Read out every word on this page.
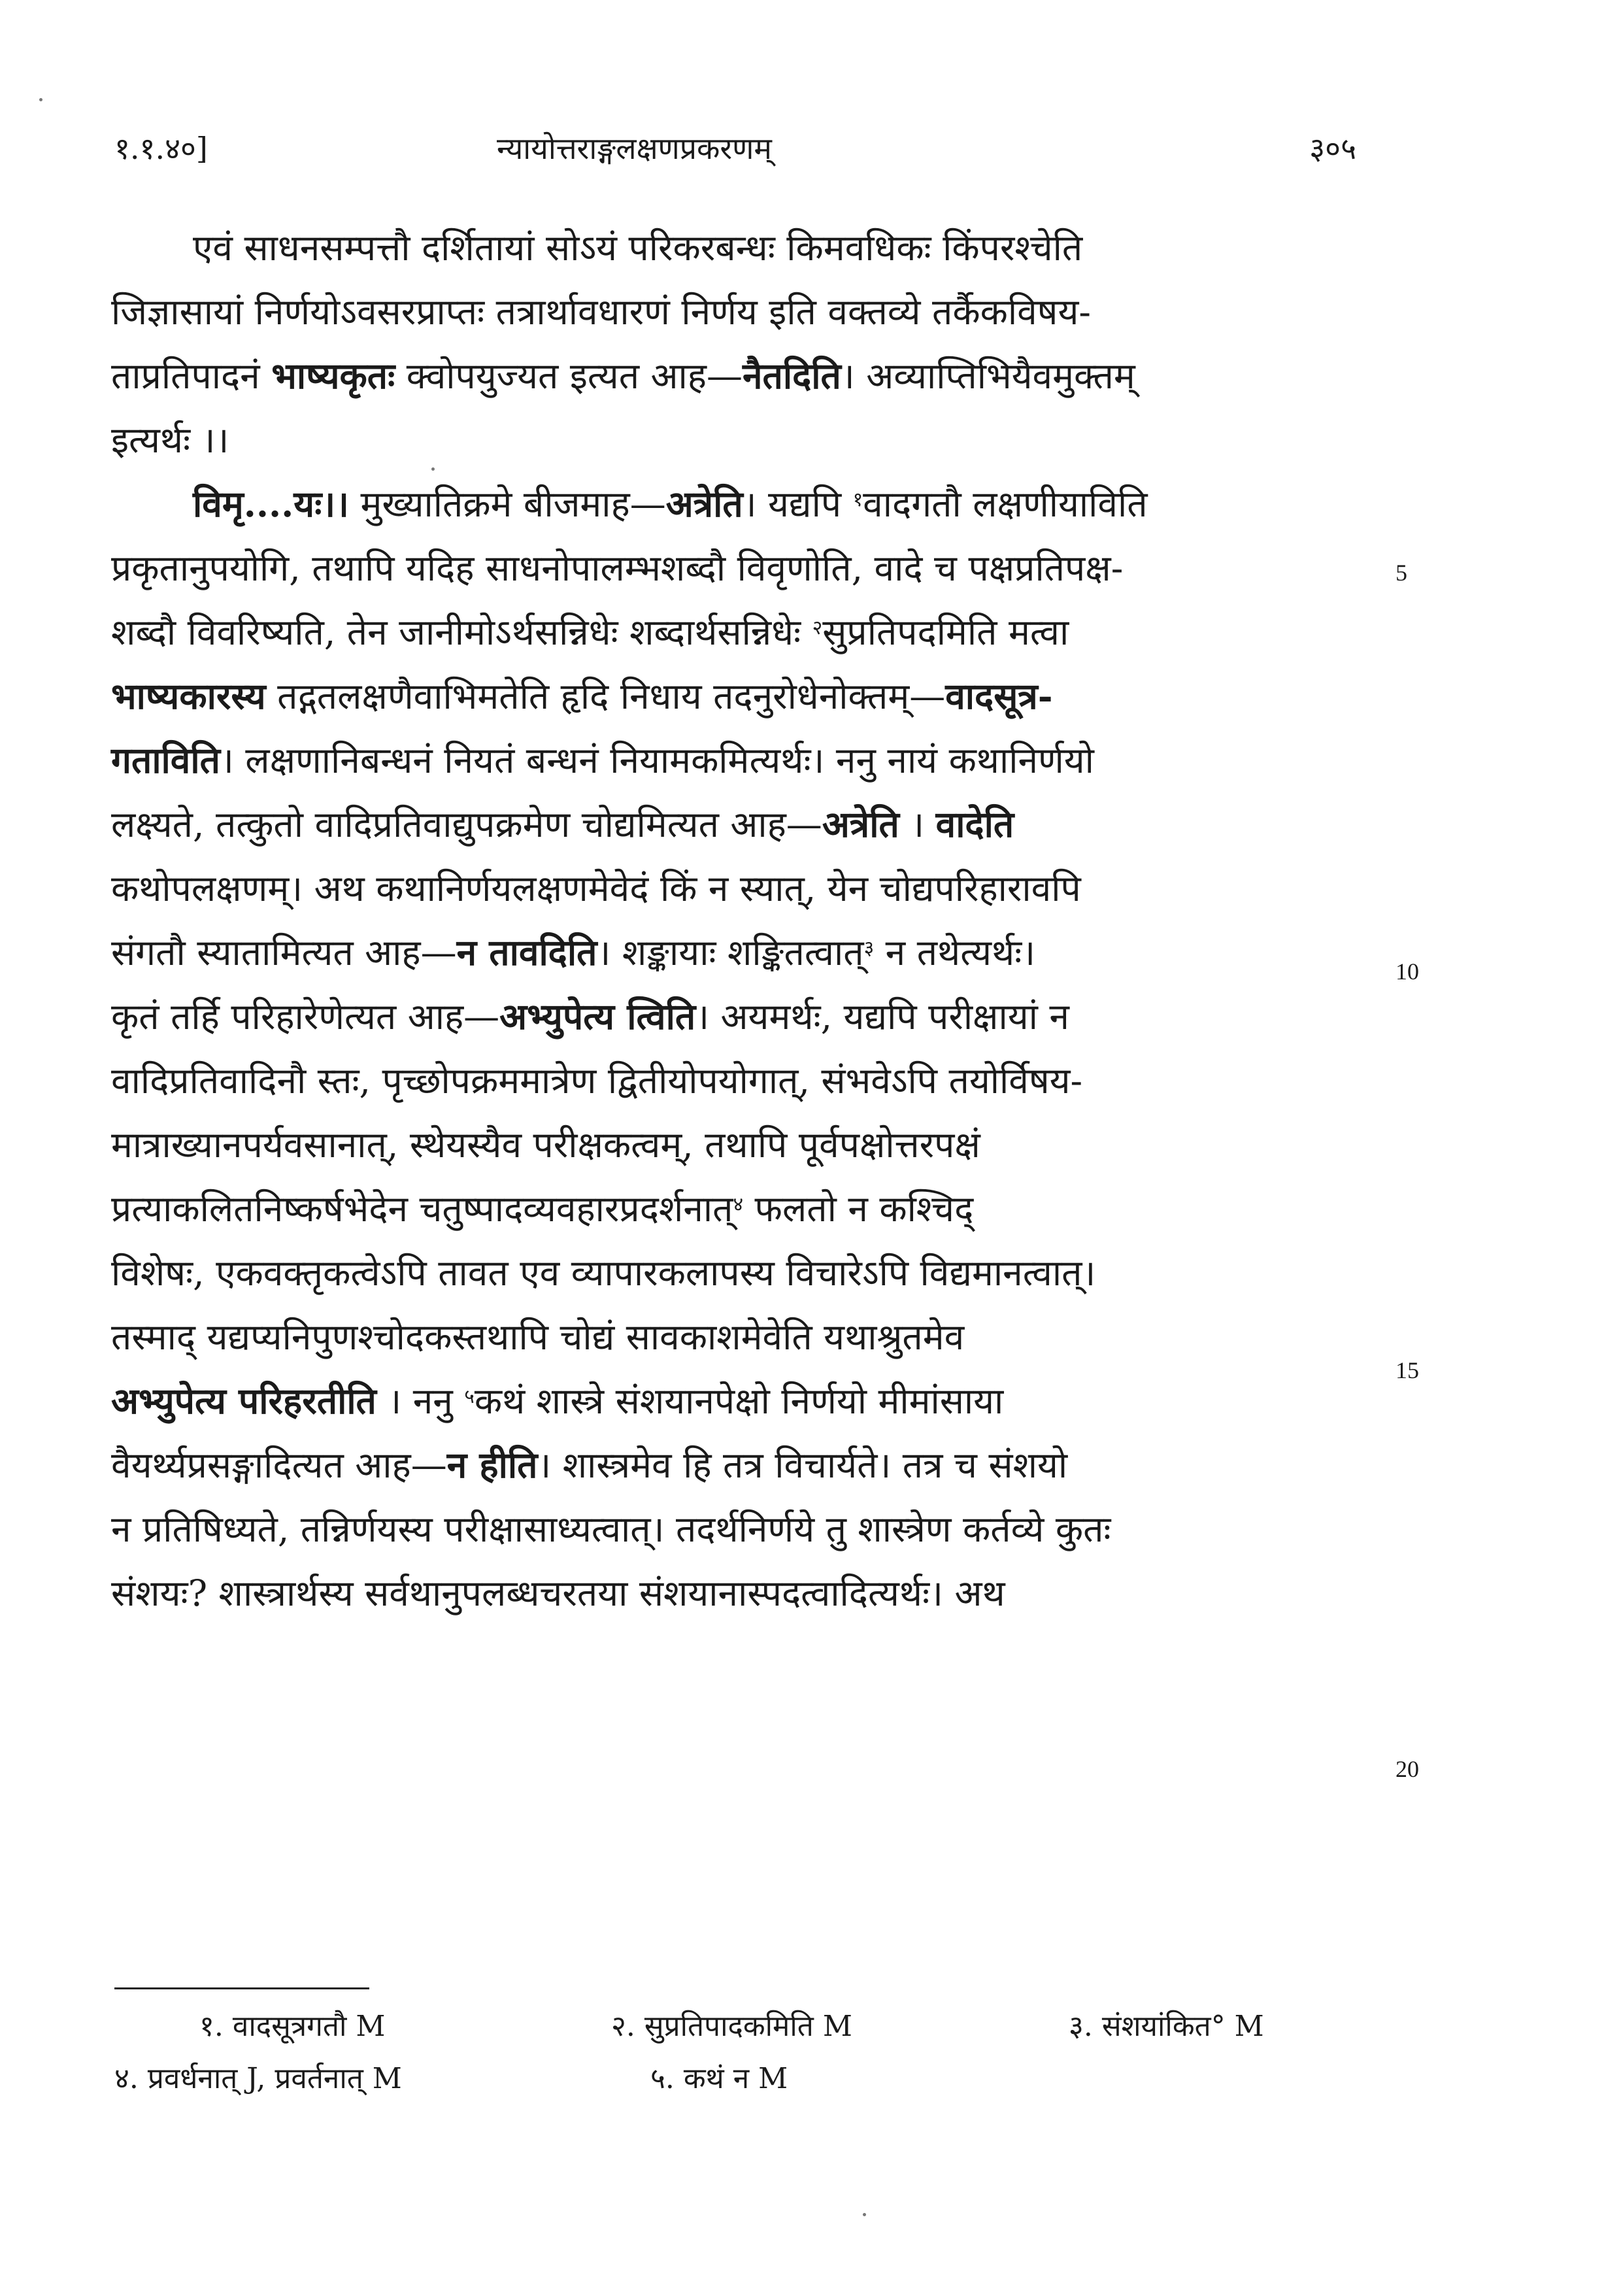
१.१.४०]	न्यायोत्तराङ्गलक्षणप्रकरणम्	३०५
एवं साधनसम्पत्तौ दर्शितायां सोऽयं परिकरबन्धः किमवधिकः किंपरश्चेति
जिज्ञासायां निर्णयोऽवसरप्राप्तः तत्रार्थावधारणं निर्णय इति वक्तव्ये तर्कैकविषय-
ताप्रतिपादनं भाष्यकृतः क्वोपयुज्यत इत्यत आह—नैतदिति। अव्याप्तिभियैवमुक्तम्
इत्यर्थः ।।
विमृ....यः।। मुख्यातिक्रमे बीजमाह—अत्रेति। यद्यपि $^१$वादगतौ लक्षणीयाविति
प्रकृतानुपयोगि, तथापि यदिह साधनोपालम्भशब्दौ विवृणोति, वादे च पक्षप्रतिपक्ष-
शब्दौ विवरिष्यति, तेन जानीमोऽर्थसन्निधेः शब्दार्थसन्निधेः $^२$सुप्रतिपदमिति मत्वा
भाष्यकारस्य तद्गतलक्षणैवाभिमतेति हृदि निधाय तदनुरोधेनोक्तम्—वादसूत्र-
गताविति। लक्षणानिबन्धनं नियतं बन्धनं नियामकमित्यर्थः। ननु नायं कथानिर्णयो
लक्ष्यते, तत्कुतो वादिप्रतिवाद्युपक्रमेण चोद्यमित्यत आह—अत्रेति । वादेति
कथोपलक्षणम्। अथ कथानिर्णयलक्षणमेवेदं किं न स्यात्, येन चोद्यपरिहारावपि
संगतौ स्यातामित्यत आह—न तावदिति। शङ्कायाः शङ्कितत्वात्$^३$ न तथेत्यर्थः।
कृतं तर्हि परिहारेणेत्यत आह—अभ्युपेत्य त्विति। अयमर्थः, यद्यपि परीक्षायां न
वादिप्रतिवादिनौ स्तः, पृच्छोपक्रममात्रेण द्वितीयोपयोगात्, संभवेऽपि तयोर्विषय-
मात्राख्यानपर्यवसानात्, स्थेयस्यैव परीक्षकत्वम्, तथापि पूर्वपक्षोत्तरपक्षं
प्रत्याकलितनिष्कर्षभेदेन चतुष्पादव्यवहारप्रदर्शनात्$^४$ फलतो न कश्चिद्
विशेषः, एकवक्तृकत्वेऽपि तावत एव व्यापारकलापस्य विचारेऽपि विद्यमानत्वात्।
तस्माद् यद्यप्यनिपुणश्चोदकस्तथापि चोद्यं सावकाशमेवेति यथाश्रुतमेव
अभ्युपेत्य परिहरतीति । ननु $^५$कथं शास्त्रे संशयानपेक्षो निर्णयो मीमांसाया
वैयर्थ्यप्रसङ्गादित्यत आह—न हीति। शास्त्रमेव हि तत्र विचार्यते। तत्र च संशयो
न प्रतिषिध्यते, तन्निर्णयस्य परीक्षासाध्यत्वात्। तदर्थनिर्णये तु शास्त्रेण कर्तव्ये कुतः
संशयः? शास्त्रार्थस्य सर्वथानुपलब्धचरतया संशयानास्पदत्वादित्यर्थः। अथ
5
10
15
20
१. वादसूत्रगतौ M	२. सुप्रतिपादकमिति M	३. संशयांकित° M
४. प्रवर्धनात् J, प्रवर्तनात् M	५. कथं न M
